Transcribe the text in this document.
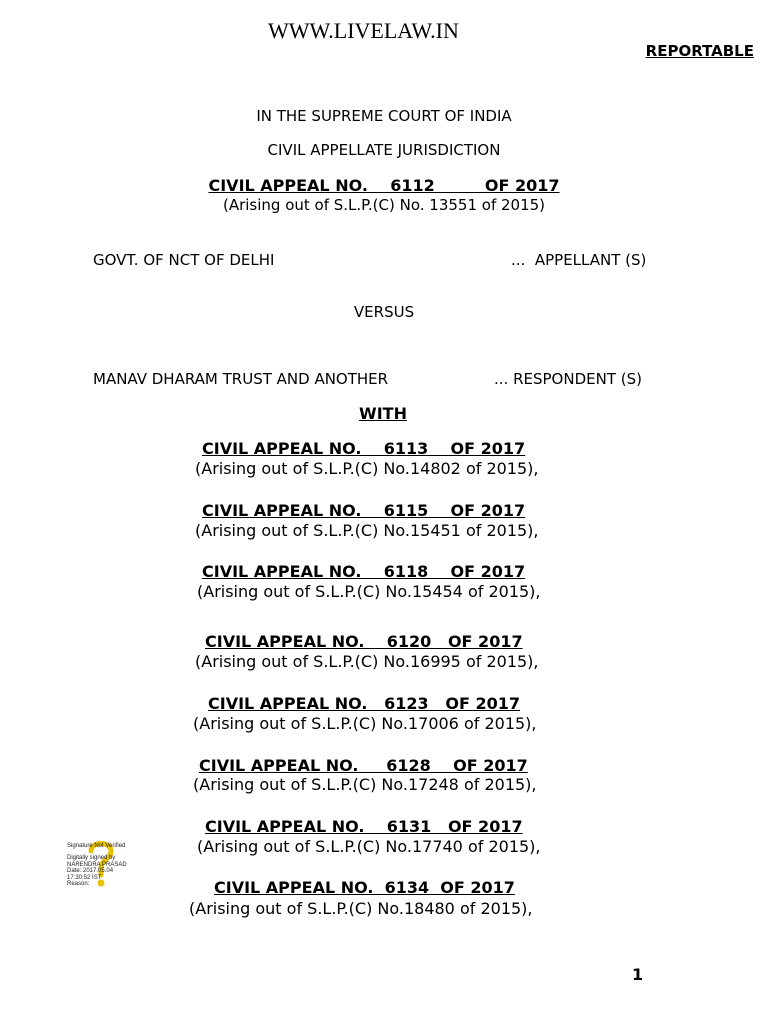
WWW.LIVELAW.IN
REPORTABLE
IN THE SUPREME COURT OF INDIA
CIVIL APPELLATE JURISDICTION
CIVIL APPEAL NO.    6112         OF 2017
(Arising out of S.L.P.(C) No. 13551 of 2015)
GOVT. OF NCT OF DELHI	...  APPELLANT (S)
VERSUS
MANAV DHARAM TRUST AND ANOTHER	... RESPONDENT (S)
WITH
CIVIL APPEAL NO.    6113    OF 2017
(Arising out of S.L.P.(C) No.14802 of 2015),
CIVIL APPEAL NO.    6115    OF 2017
(Arising out of S.L.P.(C) No.15451 of 2015),
CIVIL APPEAL NO.    6118    OF 2017
(Arising out of S.L.P.(C) No.15454 of 2015),
CIVIL APPEAL NO.    6120   OF 2017
(Arising out of S.L.P.(C) No.16995 of 2015),
CIVIL APPEAL NO.   6123   OF 2017
(Arising out of S.L.P.(C) No.17006 of 2015),
CIVIL APPEAL NO.     6128    OF 2017
(Arising out of S.L.P.(C) No.17248 of 2015),
CIVIL APPEAL NO.    6131   OF 2017
(Arising out of S.L.P.(C) No.17740 of 2015),
CIVIL APPEAL NO.  6134  OF 2017
(Arising out of S.L.P.(C) No.18480 of 2015),
Signature Not Verified
Digitally signed by
NARENDRA PRASAD
Date: 2017.05.04
17:30:52 IST
Reason:
1
